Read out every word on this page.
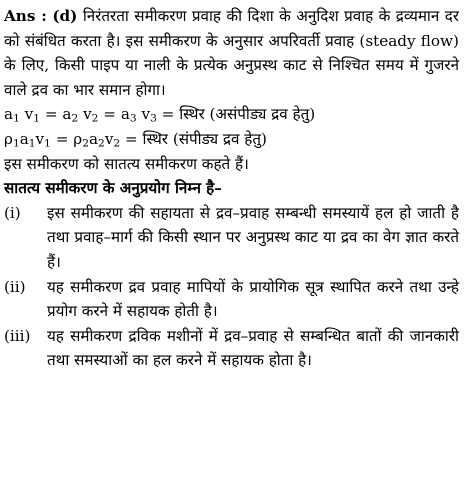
Ans : (d) निरंतरता समीकरण प्रवाह की दिशा के अनुदिश प्रवाह के द्रव्यमान दर को संबंधित करता है। इस समीकरण के अनुसार अपरिवर्ती प्रवाह (steady flow) के लिए, किसी पाइप या नाली के प्रत्येक अनुप्रस्थ काट से निश्चित समय में गुजरने वाले द्रव का भार समान होगा।

$a_1$ $v_1 = a_2$ $v_2 = a_3$ $v_3$ = स्थिर (असंपीड्य द्रव हेतु)

$\rho_1a_1v_1 = \rho_2a_2v_2$ = स्थिर (संपीड्य द्रव हेतु)

इस समीकरण को सातत्य समीकरण कहते हैं।

सातत्य समीकरण के अनुप्रयोग निम्न है–

(i)	इस समीकरण की सहायता से द्रव–प्रवाह सम्बन्धी समस्यायें हल हो जाती है तथा प्रवाह–मार्ग की किसी स्थान पर अनुप्रस्थ काट या द्रव का वेग ज्ञात करते हैं।
(ii)	यह समीकरण द्रव प्रवाह मापियों के प्रायोगिक सूत्र स्थापित करने तथा उन्हे प्रयोग करने में सहायक होती है।
(iii)	यह समीकरण द्रविक मशीनों में द्रव–प्रवाह से सम्बन्धित बातों की जानकारी तथा समस्याओं का हल करने में सहायक होता है।
